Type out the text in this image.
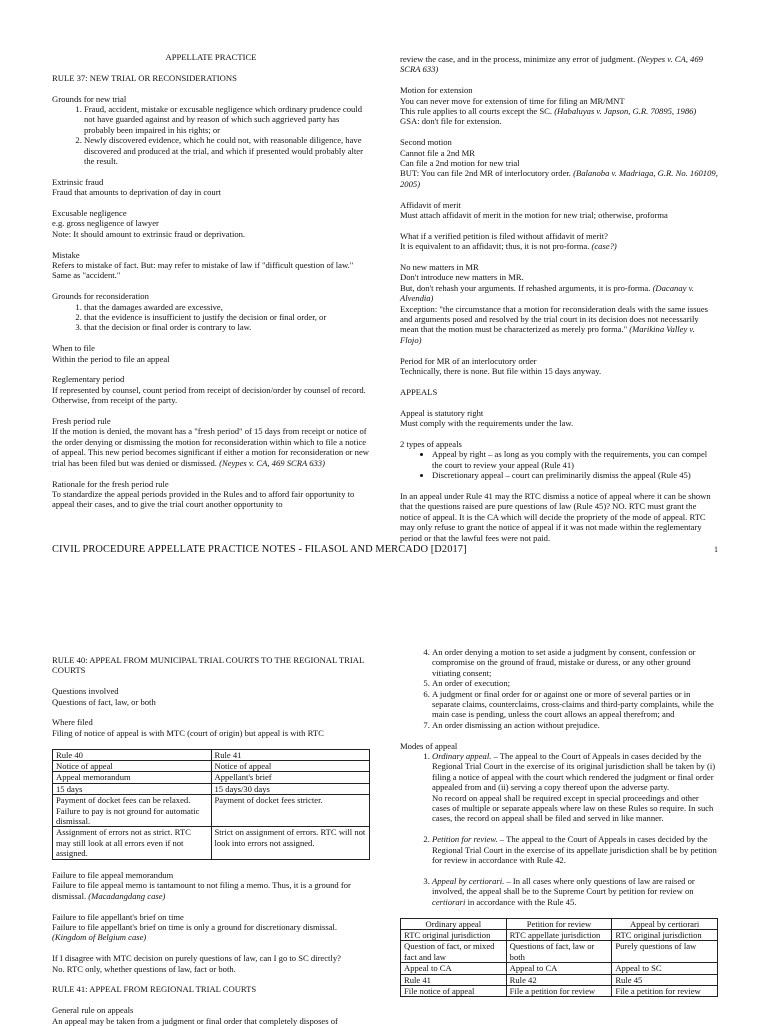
APPELLATE PRACTICE
RULE 37: NEW TRIAL OR RECONSIDERATIONS
Grounds for new trial
1. Fraud, accident, mistake or excusable negligence which ordinary prudence could not have guarded against and by reason of which such aggrieved party has probably been impaired in his rights; or
2. Newly discovered evidence, which he could not, with reasonable diligence, have discovered and produced at the trial, and which if presented would probably alter the result.
Extrinsic fraud
Fraud that amounts to deprivation of day in court
Excusable negligence
e.g. gross negligence of lawyer
Note: It should amount to extrinsic fraud or deprivation.
Mistake
Refers to mistake of fact. But: may refer to mistake of law if "difficult question of law."
Same as "accident."
Grounds for reconsideration
1. that the damages awarded are excessive,
2. that the evidence is insufficient to justify the decision or final order, or
3. that the decision or final order is contrary to law.
When to file
Within the period to file an appeal
Reglementary period
If represented by counsel, count period from receipt of decision/order by counsel of record.
Otherwise, from receipt of the party.
Fresh period rule
If the motion is denied, the movant has a "fresh period" of 15 days from receipt or notice of the order denying or dismissing the motion for reconsideration within which to file a notice of appeal. This new period becomes significant if either a motion for reconsideration or new trial has been filed but was denied or dismissed. (Neypes v. CA, 469 SCRA 633)
Rationale for the fresh period rule
To standardize the appeal periods provided in the Rules and to afford fair opportunity to appeal their cases, and to give the trial court another opportunity to
review the case, and in the process, minimize any error of judgment. (Neypes v. CA, 469 SCRA 633)
Motion for extension
You can never move for extension of time for filing an MR/MNT
This rule applies to all courts except the SC. (Habaluyas v. Japson, G.R. 70895, 1986)
GSA: don't file for extension.
Second motion
Cannot file a 2nd MR
Can file a 2nd motion for new trial
BUT: You can file 2nd MR of interlocutory order. (Balanoba v. Madriaga, G.R. No. 160109, 2005)
Affidavit of merit
Must attach affidavit of merit in the motion for new trial; otherwise, proforma
What if a verified petition is filed without affidavit of merit?
It is equivalent to an affidavit; thus, it is not pro-forma. (case?)
No new matters in MR
Don't introduce new matters in MR.
But, don't rehash your arguments. If rehashed arguments, it is pro-forma. (Dacanay v. Alvendia)
Exception: "the circumstance that a motion for reconsideration deals with the same issues and arguments posed and resolved by the trial court in its decision does not necessarily mean that the motion must be characterized as merely pro forma." (Marikina Valley v. Flojo)
Period for MR of an interlocutory order
Technically, there is none. But file within 15 days anyway.
APPEALS
Appeal is statutory right
Must comply with the requirements under the law.
2 types of appeals
• Appeal by right – as long as you comply with the requirements, you can compel the court to review your appeal (Rule 41)
• Discretionary appeal – court can preliminarily dismiss the appeal (Rule 45)
In an appeal under Rule 41 may the RTC dismiss a notice of appeal where it can be shown that the questions raised are pure questions of law (Rule 45)? NO. RTC must grant the notice of appeal. It is the CA which will decide the propriety of the mode of appeal. RTC may only refuse to grant the notice of appeal if it was not made within the reglementary period or that the lawful fees were not paid.
CIVIL PROCEDURE APPELLATE PRACTICE NOTES - FILASOL AND MERCADO [D2017]	1
RULE 40: APPEAL FROM MUNICIPAL TRIAL COURTS TO THE REGIONAL TRIAL COURTS
Questions involved
Questions of fact, law, or both
Where filed
Filing of notice of appeal is with MTC (court of origin) but appeal is with RTC
Rule 40	Rule 41
Notice of appeal	Notice of appeal
Appeal memorandum	Appellant's brief
15 days	15 days/30 days
Payment of docket fees can be relaxed. Failure to pay is not ground for automatic dismissal.	Payment of docket fees stricter.
Assignment of errors not as strict. RTC may still look at all errors even if not assigned.	Strict on assignment of errors. RTC will not look into errors not assigned.
Failure to file appeal memorandum
Failure to file appeal memo is tantamount to not filing a memo. Thus, it is a ground for dismissal. (Macadangdang case)
Failure to file appellant's brief on time
Failure to file appellant's brief on time is only a ground for discretionary dismissal. (Kingdom of Belgium case)
If I disagree with MTC decision on purely questions of law, can I go to SC directly?
No. RTC only, whether questions of law, fact or both.
RULE 41: APPEAL FROM REGIONAL TRIAL COURTS
General rule on appeals
An appeal may be taken from a judgment or final order that completely disposes of
4. An order denying a motion to set aside a judgment by consent, confession or compromise on the ground of fraud, mistake or duress, or any other ground vitiating consent;
5. An order of execution;
6. A judgment or final order for or against one or more of several parties or in separate claims, counterclaims, cross-claims and third-party complaints, while the main case is pending, unless the court allows an appeal therefrom; and
7. An order dismissing an action without prejudice.
Modes of appeal
1. Ordinary appeal. – The appeal to the Court of Appeals in cases decided by the Regional Trial Court in the exercise of its original jurisdiction shall be taken by (i) filing a notice of appeal with the court which rendered the judgment or final order appealed from and (ii) serving a copy thereof upon the adverse party.
No record on appeal shall be required except in special proceedings and other cases of multiple or separate appeals where law on these Rules so require. In such cases, the record on appeal shall be filed and served in like manner.
2. Petition for review. – The appeal to the Court of Appeals in cases decided by the Regional Trial Court in the exercise of its appellate jurisdiction shall be by petition for review in accordance with Rule 42.
3. Appeal by certiorari. – In all cases where only questions of law are raised or involved, the appeal shall be to the Supreme Court by petition for review on certiorari in accordance with the Rule 45.
Ordinary appeal	Petition for review	Appeal by certiorari
RTC original jurisdiction	RTC appellate jurisdiction	RTC original jurisdiction
Question of fact, or mixed fact and law	Questions of fact, law or both	Purely questions of law
Appeal to CA	Appeal to CA	Appeal to SC
Rule 41	Rule 42	Rule 45
File notice of appeal	File a petition for review	File a petition for review
